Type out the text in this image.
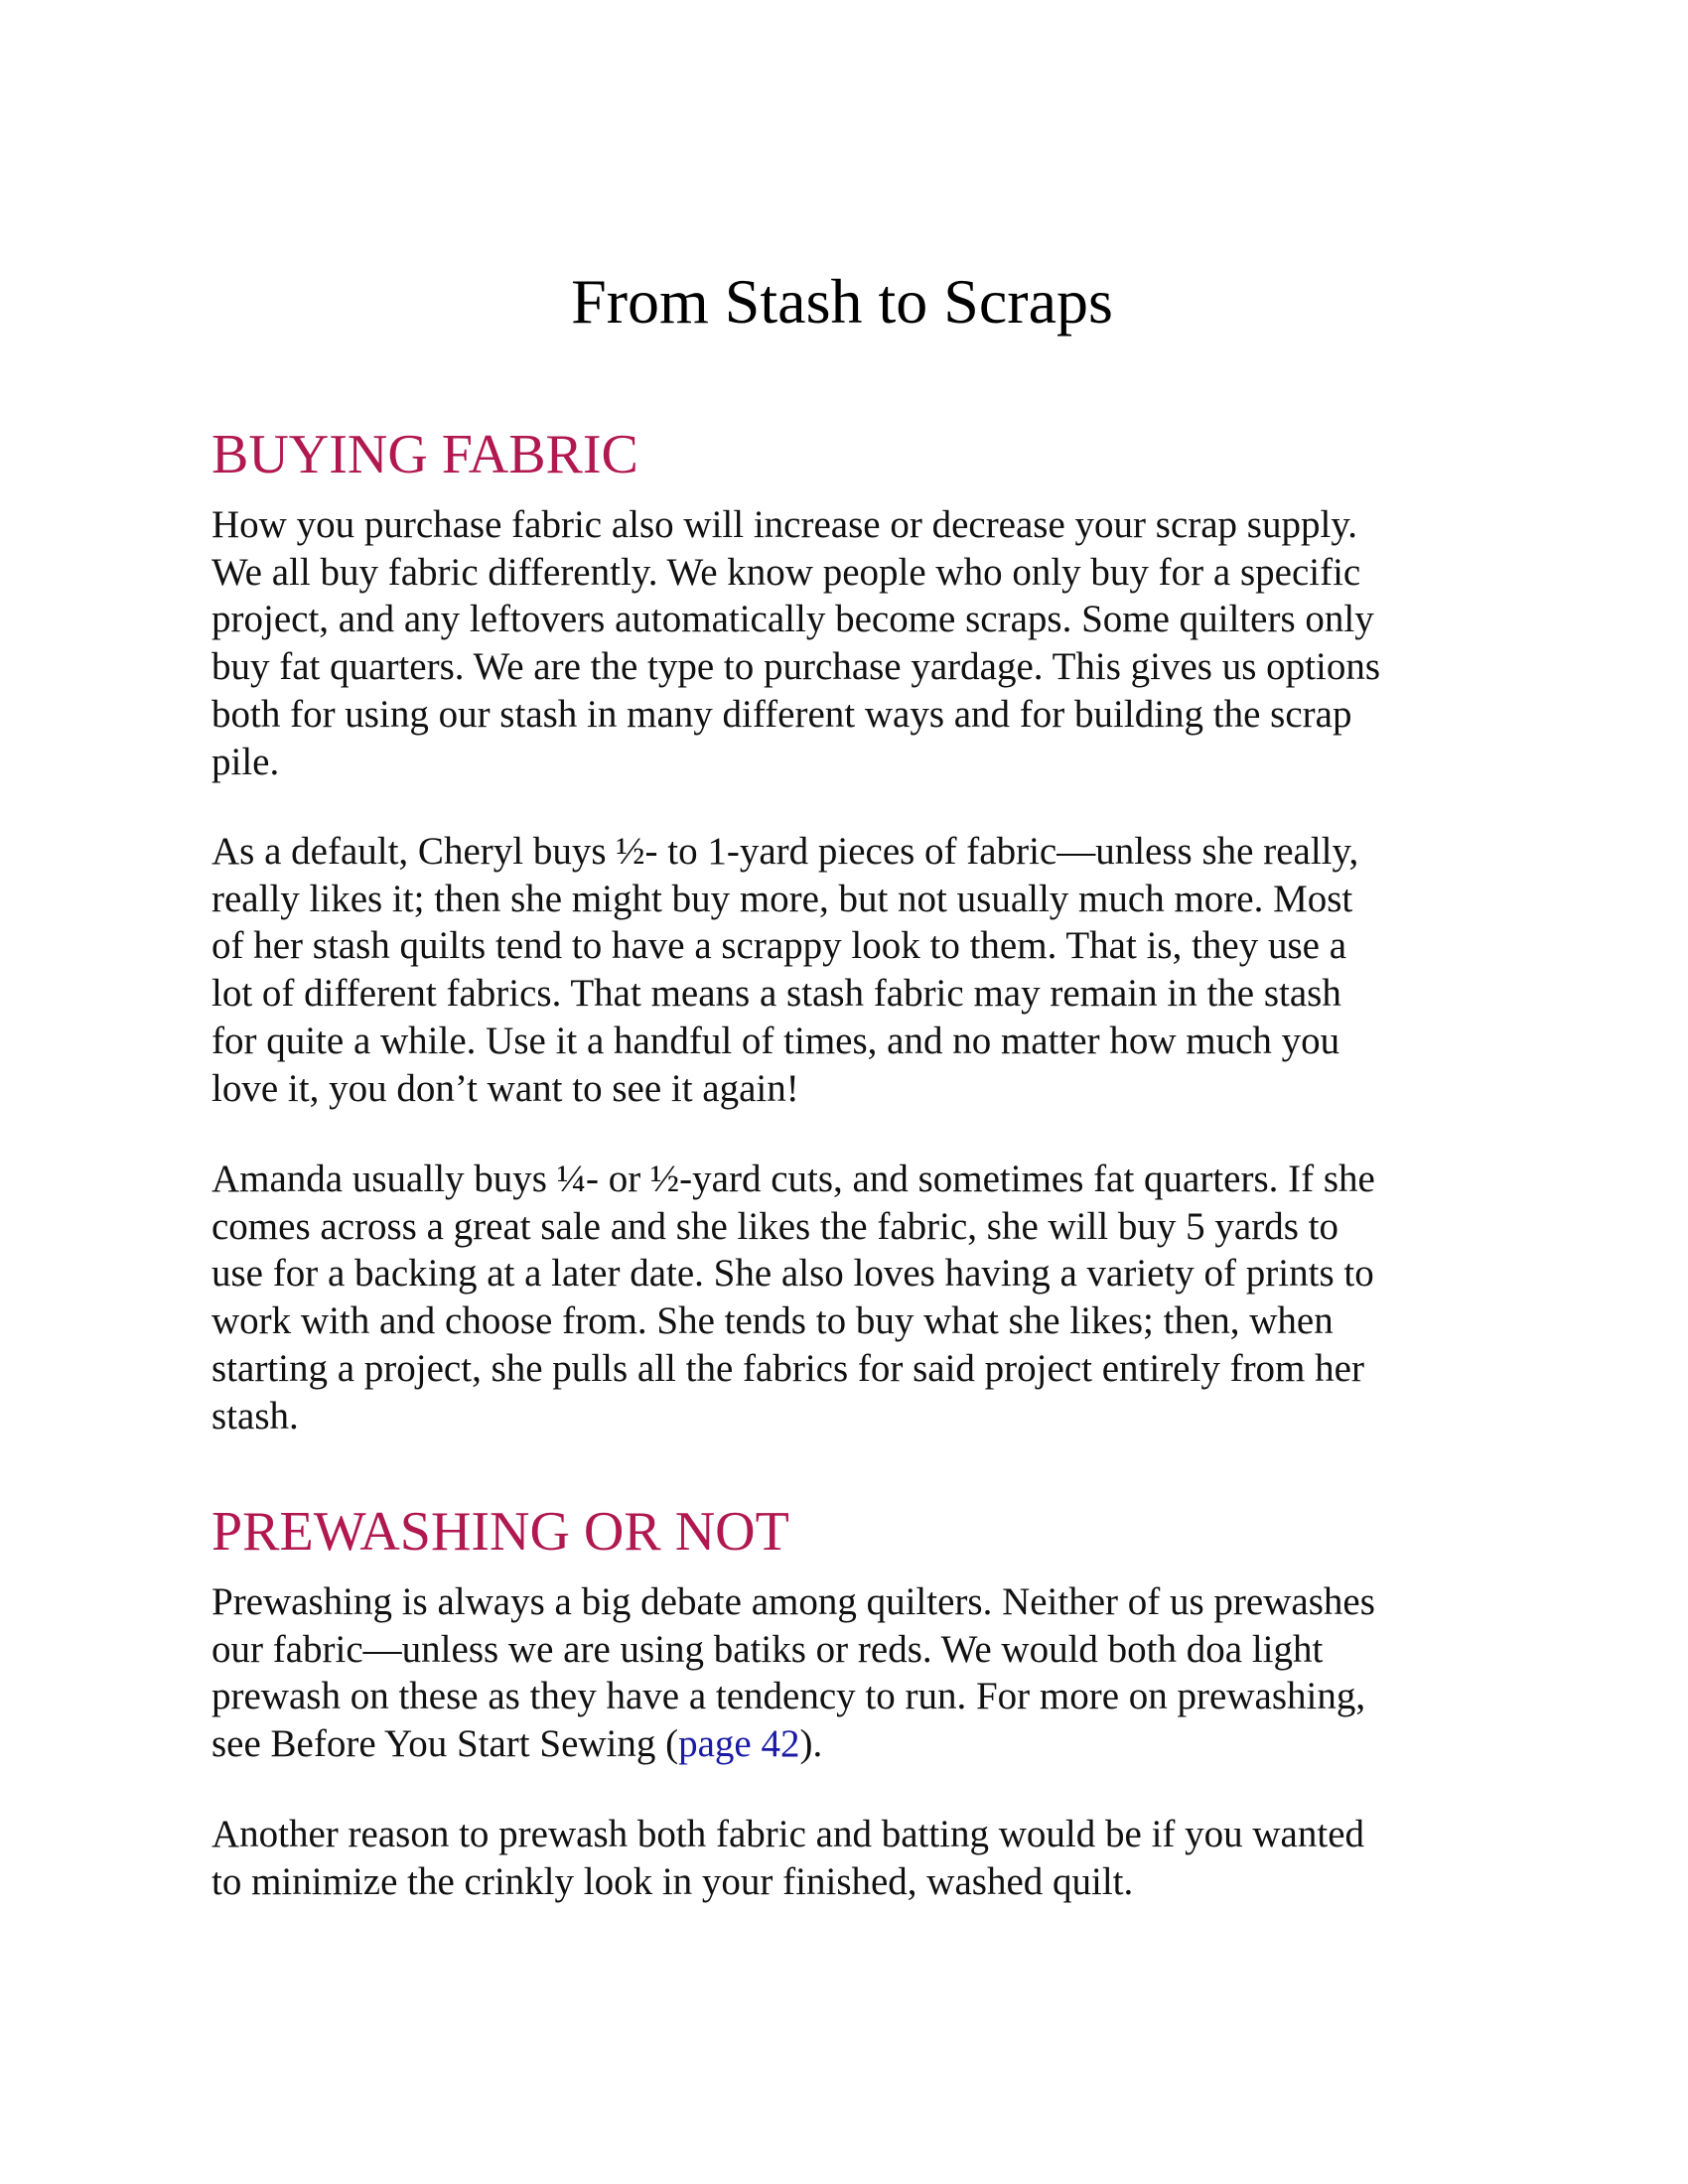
From Stash to Scraps
BUYING FABRIC

How you purchase fabric also will increase or decrease your scrap supply.
We all buy fabric differently. We know people who only buy for a specific
project, and any leftovers automatically become scraps. Some quilters only
buy fat quarters. We are the type to purchase yardage. This gives us options
both for using our stash in many different ways and for building the scrap
pile.

As a default, Cheryl buys ½- to 1-yard pieces of fabric—unless she really,
really likes it; then she might buy more, but not usually much more. Most
of her stash quilts tend to have a scrappy look to them. That is, they use a
lot of different fabrics. That means a stash fabric may remain in the stash
for quite a while. Use it a handful of times, and no matter how much you
love it, you don’t want to see it again!

Amanda usually buys ¼- or ½-yard cuts, and sometimes fat quarters. If she
comes across a great sale and she likes the fabric, she will buy 5 yards to
use for a backing at a later date. She also loves having a variety of prints to
work with and choose from. She tends to buy what she likes; then, when
starting a project, she pulls all the fabrics for said project entirely from her
stash.

PREWASHING OR NOT

Prewashing is always a big debate among quilters. Neither of us prewashes
our fabric—unless we are using batiks or reds. We would both doa light
prewash on these as they have a tendency to run. For more on prewashing,
see Before You Start Sewing (page 42).

Another reason to prewash both fabric and batting would be if you wanted
to minimize the crinkly look in your finished, washed quilt.
